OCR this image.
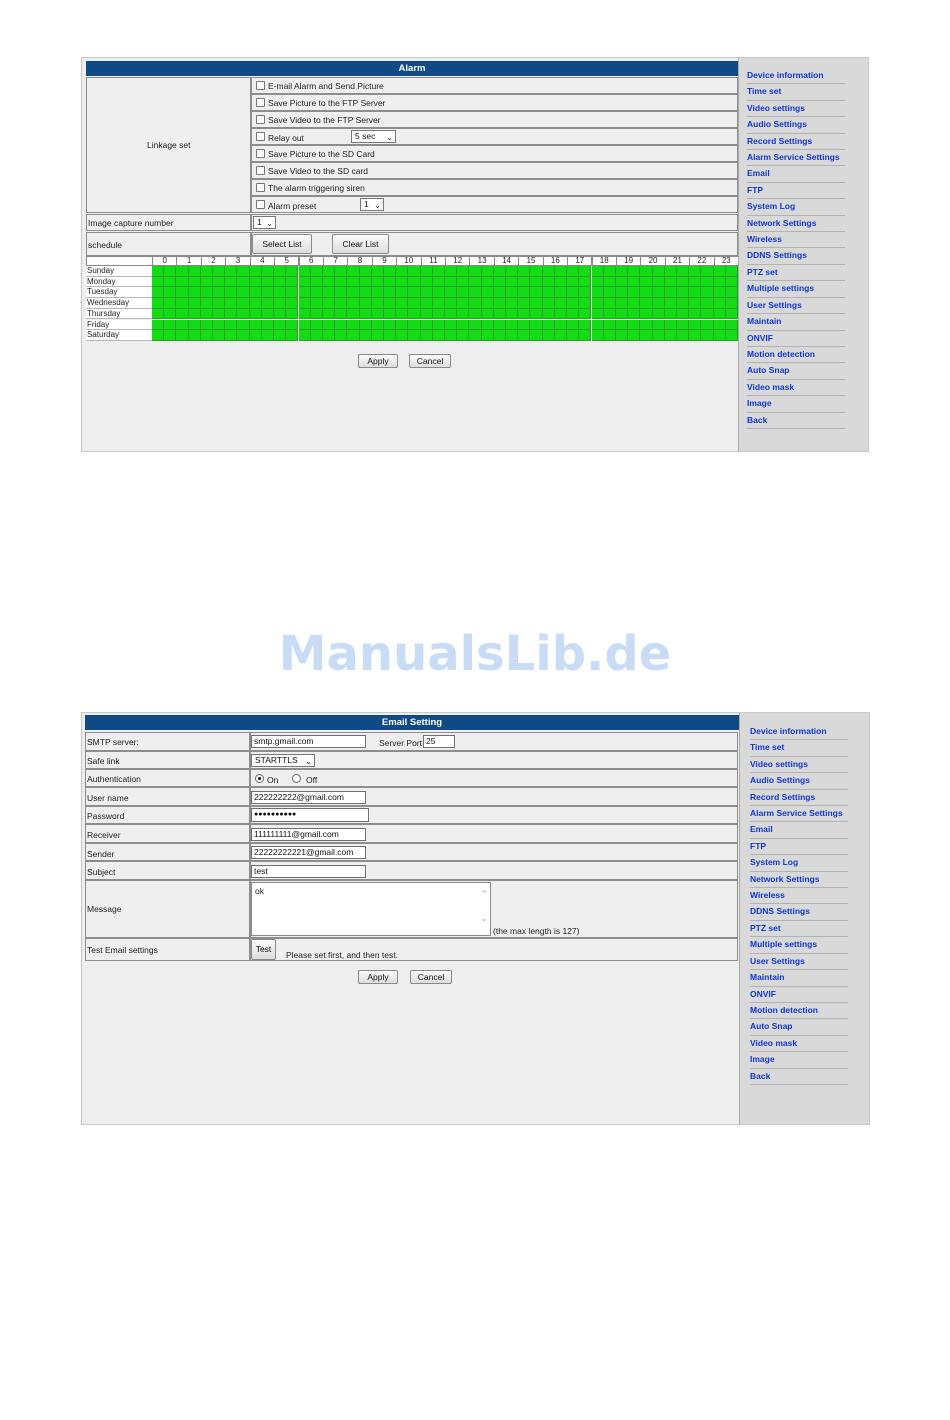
Alarm
Linkage set
E-mail Alarm and Send Picture
Save Picture to the FTP Server
Save Video to the FTP Server
Relay out	5 sec ⌄
Save Picture to the SD Card
Save Video to the SD card
The alarm triggering siren
Alarm preset	1 ⌄
Image capture number	1 ⌄
schedule	Select List	Clear List
0	1	2	3	4	5	6	7	8	9	10	11	12	13	14	15	16	17	18	19	20	21	22	23
Sunday
Monday
Tuesday
Wednesday
Thursday
Friday
Saturday
Apply	Cancel
Device information
Time set
Video settings
Audio Settings
Record Settings
Alarm Service Settings
Email
FTP
System Log
Network Settings
Wireless
DDNS Settings
PTZ set
Multiple settings
User Settings
Maintain
ONVIF
Motion detection
Auto Snap
Video mask
Image
Back
ManualsLib.de
Email Setting
SMTP server:	smtp.gmail.com	Server Port 25
Safe link	STARTTLS ⌄
Authentication	On	Off
User name	222222222@gmail.com
Password	●●●●●●●●●●
Receiver	111111111@gmail.com
Sender	22222222221@gmail.com
Subject	test
Message
ok	⌃
⌄
(the max length is 127)
Test Email settings	Test
Please set first, and then test.
Apply	Cancel
Device information
Time set
Video settings
Audio Settings
Record Settings
Alarm Service Settings
Email
FTP
System Log
Network Settings
Wireless
DDNS Settings
PTZ set
Multiple settings
User Settings
Maintain
ONVIF
Motion detection
Auto Snap
Video mask
Image
Back
